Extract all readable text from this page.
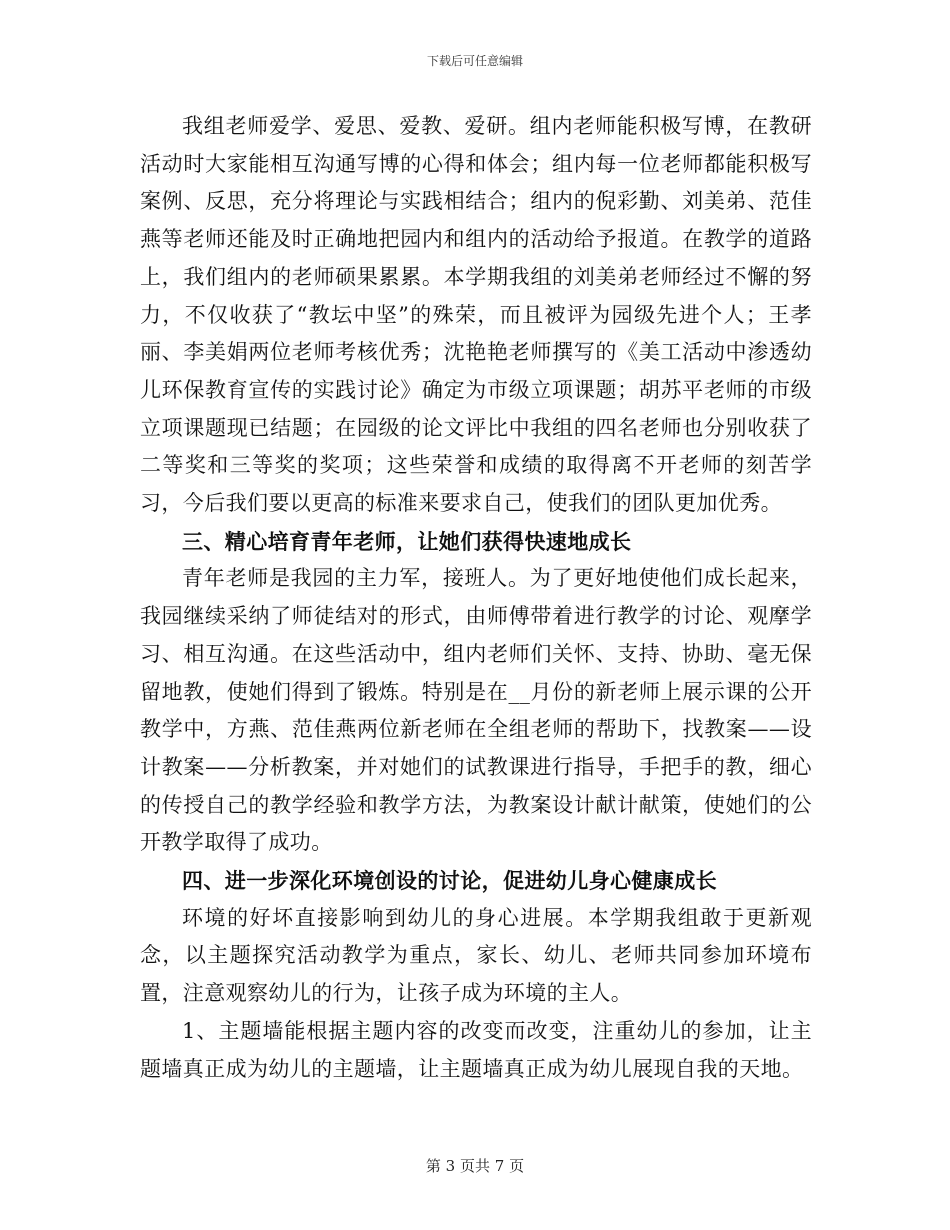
下载后可任意编辑

我组老师爱学、爱思、爱教、爱研。组内老师能积极写博，在教研活动时大家能相互沟通写博的心得和体会；组内每一位老师都能积极写案例、反思，充分将理论与实践相结合；组内的倪彩勤、刘美弟、范佳燕等老师还能及时正确地把园内和组内的活动给予报道。在教学的道路上，我们组内的老师硕果累累。本学期我组的刘美弟老师经过不懈的努力，不仅收获了“教坛中坚”的殊荣，而且被评为园级先进个人；王孝丽、李美娟两位老师考核优秀；沈艳艳老师撰写的《美工活动中渗透幼儿环保教育宣传的实践讨论》确定为市级立项课题；胡苏平老师的市级立项课题现已结题；在园级的论文评比中我组的四名老师也分别收获了二等奖和三等奖的奖项；这些荣誉和成绩的取得离不开老师的刻苦学习，今后我们要以更高的标准来要求自己，使我们的团队更加优秀。

三、精心培育青年老师，让她们获得快速地成长

青年老师是我园的主力军，接班人。为了更好地使他们成长起来，我园继续采纳了师徒结对的形式，由师傅带着进行教学的讨论、观摩学习、相互沟通。在这些活动中，组内老师们关怀、支持、协助、毫无保留地教，使她们得到了锻炼。特别是在__月份的新老师上展示课的公开教学中，方燕、范佳燕两位新老师在全组老师的帮助下，找教案——设计教案——分析教案，并对她们的试教课进行指导，手把手的教，细心的传授自己的教学经验和教学方法，为教案设计献计献策，使她们的公开教学取得了成功。

四、进一步深化环境创设的讨论，促进幼儿身心健康成长

环境的好坏直接影响到幼儿的身心进展。本学期我组敢于更新观念，以主题探究活动教学为重点，家长、幼儿、老师共同参加环境布置，注意观察幼儿的行为，让孩子成为环境的主人。

1、主题墙能根据主题内容的改变而改变，注重幼儿的参加，让主题墙真正成为幼儿的主题墙，让主题墙真正成为幼儿展现自我的天地。

第 3 页共 7 页
